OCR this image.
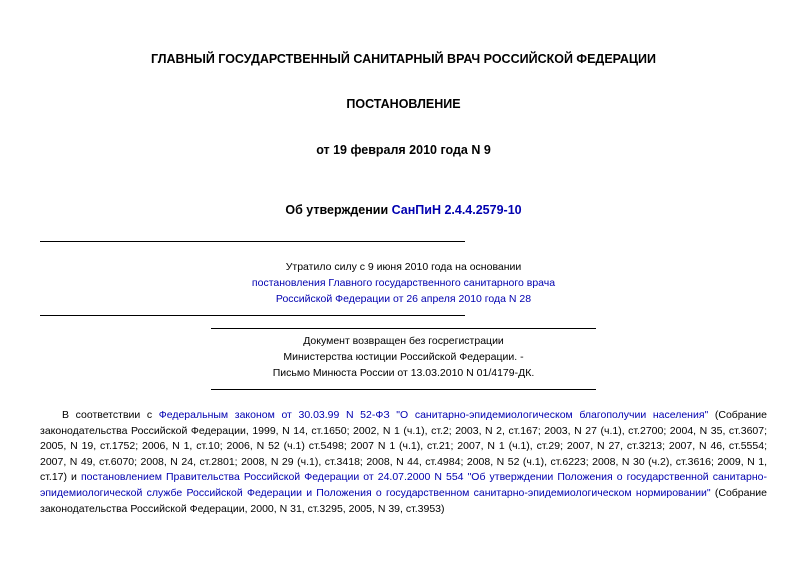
ГЛАВНЫЙ ГОСУДАРСТВЕННЫЙ САНИТАРНЫЙ ВРАЧ РОССИЙСКОЙ ФЕДЕРАЦИИ
ПОСТАНОВЛЕНИЕ
от 19 февраля 2010 года N 9
Об утверждении СанПиН 2.4.4.2579-10
Утратило силу с 9 июня 2010 года на основании
постановления Главного государственного санитарного врача
Российской Федерации от 26 апреля 2010 года N 28
Документ возвращен без госрегистрации
Министерства юстиции Российской Федерации. -
Письмо Минюста России от 13.03.2010 N 01/4179-ДК.
В соответствии с Федеральным законом от 30.03.99 N 52-ФЗ "О санитарно-эпидемиологическом благополучии населения" (Собрание законодательства Российской Федерации, 1999, N 14, ст.1650; 2002, N 1 (ч.1), ст.2; 2003, N 2, ст.167; 2003, N 27 (ч.1), ст.2700; 2004, N 35, ст.3607; 2005, N 19, ст.1752; 2006, N 1, ст.10; 2006, N 52 (ч.1) ст.5498; 2007 N 1 (ч.1), ст.21; 2007, N 1 (ч.1), ст.29; 2007, N 27, ст.3213; 2007, N 46, ст.5554; 2007, N 49, ст.6070; 2008, N 24, ст.2801; 2008, N 29 (ч.1), ст.3418; 2008, N 44, ст.4984; 2008, N 52 (ч.1), ст.6223; 2008, N 30 (ч.2), ст.3616; 2009, N 1, ст.17) и постановлением Правительства Российской Федерации от 24.07.2000 N 554 "Об утверждении Положения о государственной санитарно-эпидемиологической службе Российской Федерации и Положения о государственном санитарно-эпидемиологическом нормировании" (Собрание законодательства Российской Федерации, 2000, N 31, ст.3295, 2005, N 39, ст.3953)
